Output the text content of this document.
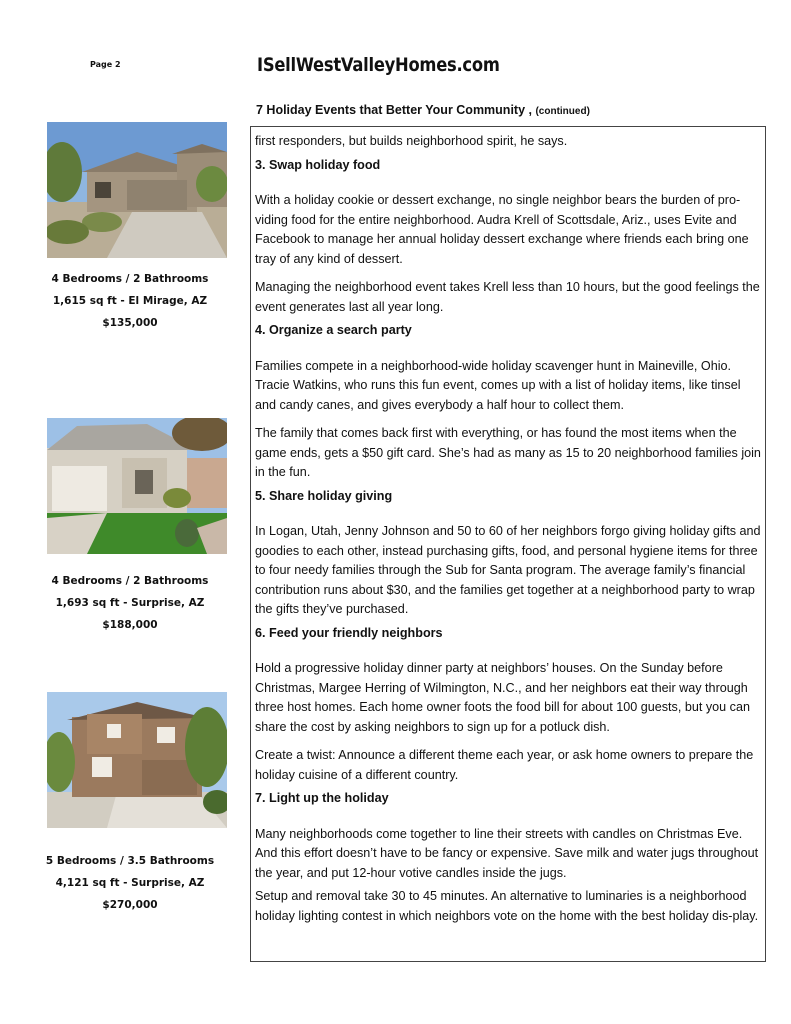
Page 2	ISellWestValleyHomes.com
7 Holiday Events that Better Your Community , (continued)
4 Bedrooms / 2 Bathrooms
1,615 sq ft - El Mirage, AZ
$135,000
4 Bedrooms / 2 Bathrooms
1,693 sq ft - Surprise, AZ
$188,000
5 Bedrooms / 3.5 Bathrooms
4,121 sq ft - Surprise, AZ
$270,000

first responders, but builds neighborhood spirit, he says.

3. Swap holiday food

With a holiday cookie or dessert exchange, no single neighbor bears the burden of pro-viding food for the entire neighborhood. Audra Krell of Scottsdale, Ariz., uses Evite and Facebook to manage her annual holiday dessert exchange where friends each bring one tray of any kind of dessert.

Managing the neighborhood event takes Krell less than 10 hours, but the good feelings the event generates last all year long.

4. Organize a search party

Families compete in a neighborhood-wide holiday scavenger hunt in Maineville, Ohio. Tracie Watkins, who runs this fun event, comes up with a list of holiday items, like tinsel and candy canes, and gives everybody a half hour to collect them.

The family that comes back first with everything, or has found the most items when the game ends, gets a $50 gift card. She’s had as many as 15 to 20 neighborhood families join in the fun.

5. Share holiday giving

In Logan, Utah, Jenny Johnson and 50 to 60 of her neighbors forgo giving holiday gifts and goodies to each other, instead purchasing gifts, food, and personal hygiene items for three to four needy families through the Sub for Santa program. The average family’s financial contribution runs about $30, and the families get together at a neighborhood party to wrap the gifts they’ve purchased.

6. Feed your friendly neighbors

Hold a progressive holiday dinner party at neighbors’ houses. On the Sunday before Christmas, Margee Herring of Wilmington, N.C., and her neighbors eat their way through three host homes. Each home owner foots the food bill for about 100 guests, but you can share the cost by asking neighbors to sign up for a potluck dish.

Create a twist: Announce a different theme each year, or ask home owners to prepare the holiday cuisine of a different country.

7. Light up the holiday

Many neighborhoods come together to line their streets with candles on Christmas Eve. And this effort doesn’t have to be fancy or expensive. Save milk and water jugs throughout the year, and put 12-hour votive candles inside the jugs.

Setup and removal take 30 to 45 minutes. An alternative to luminaries is a neighborhood holiday lighting contest in which neighbors vote on the home with the best holiday dis-play.
